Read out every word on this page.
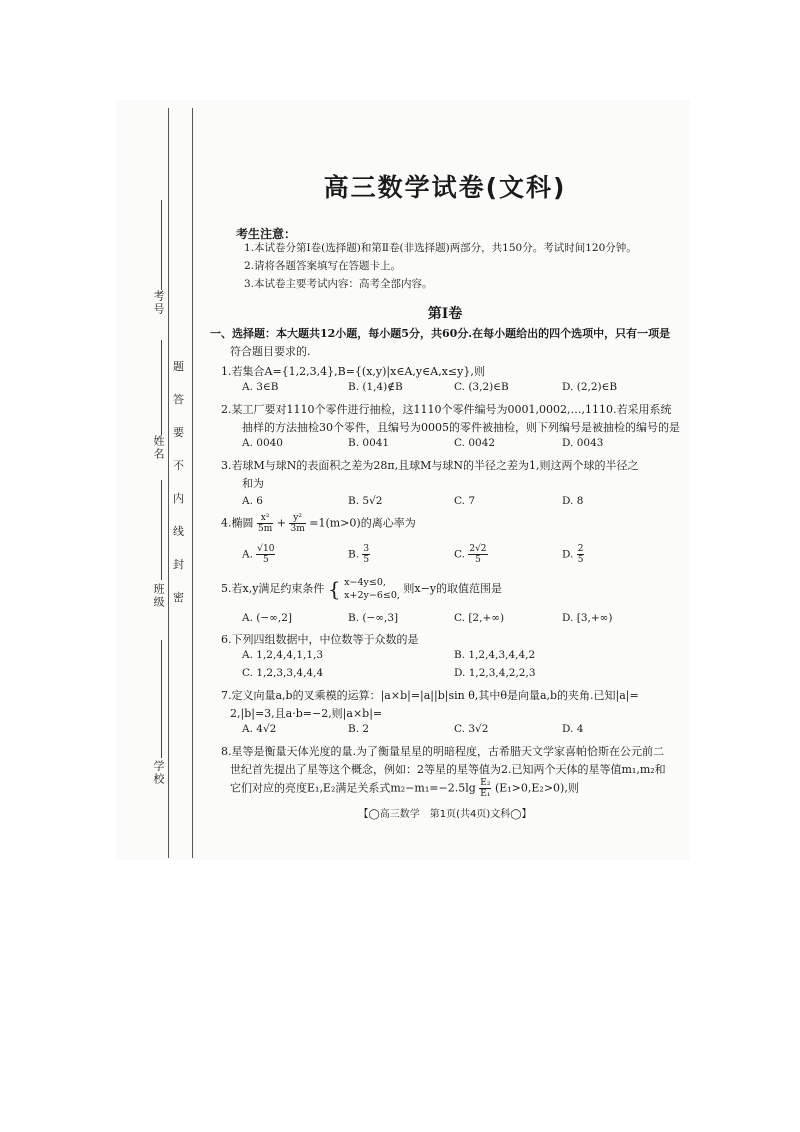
考号
姓名
班级
学校
题
答
要
不
内
线
封
密
高三数学试卷(文科)
考生注意：
1.本试卷分第Ⅰ卷(选择题)和第Ⅱ卷(非选择题)两部分，共150分。考试时间120分钟。
2.请将各题答案填写在答题卡上。
3.本试卷主要考试内容：高考全部内容。
第Ⅰ卷
一、选择题：本大题共12小题，每小题5分，共60分.在每小题给出的四个选项中，只有一项是
符合题目要求的.
1.若集合A={1,2,3,4},B={(x,y)|x∈A,y∈A,x≤y},则
A. 3∈B	B. (1,4)∉B	C. (3,2)∈B	D. (2,2)∈B
2.某工厂要对1110个零件进行抽检，这1110个零件编号为0001,0002,…,1110.若采用系统
抽样的方法抽检30个零件，且编号为0005的零件被抽检，则下列编号是被抽检的编号的是
A. 0040	B. 0041	C. 0042	D. 0043
3.若球M与球N的表面积之差为28π,且球M与球N的半径之差为1,则这两个球的半径之
和为
A. 6	B. 5√2	C. 7	D. 8
4.椭圆 $\frac{\text{x²}}{5m} + \frac{\text{y²}}{3m} =1(m>0)$的离心率为
A. $\frac{√10}{5}$	B. $\frac{3}{5}$	C. $\frac{2√2}{5}$	D. $\frac{2}{5}$
5.若x,y满足约束条件 { x−4y≤0,
x+2y−6≤0,
则x−y的取值范围是
A. (−∞,2]	B. (−∞,3]	C. [2,+∞)	D. [3,+∞)
6.下列四组数据中，中位数等于众数的是
A. 1,2,4,4,1,1,3	B. 1,2,4,3,4,4,2
C. 1,2,3,3,4,4,4	D. 1,2,3,4,2,2,3
7.定义向量a,b的叉乘模的运算：|a×b|=|a||b|sin θ,其中θ是向量a,b的夹角.已知|a|=
2,|b|=3,且a·b=−2,则|a×b|=
A. 4√2	B. 2	C. 3√2	D. 4
8.星等是衡量天体光度的量.为了衡量星星的明暗程度，古希腊天文学家喜帕恰斯在公元前二
世纪首先提出了星等这个概念，例如：2等星的星等值为2.已知两个天体的星等值m₁,m₂和
它们对应的亮度E₁,E₂满足关系式$m_2-m_1=-2.5\lg \frac{\text{E₂}}{\text{E₁}} (E_1>0,E_2>0)$,则
【◯高三数学　第1页(共4页)文科◯】
